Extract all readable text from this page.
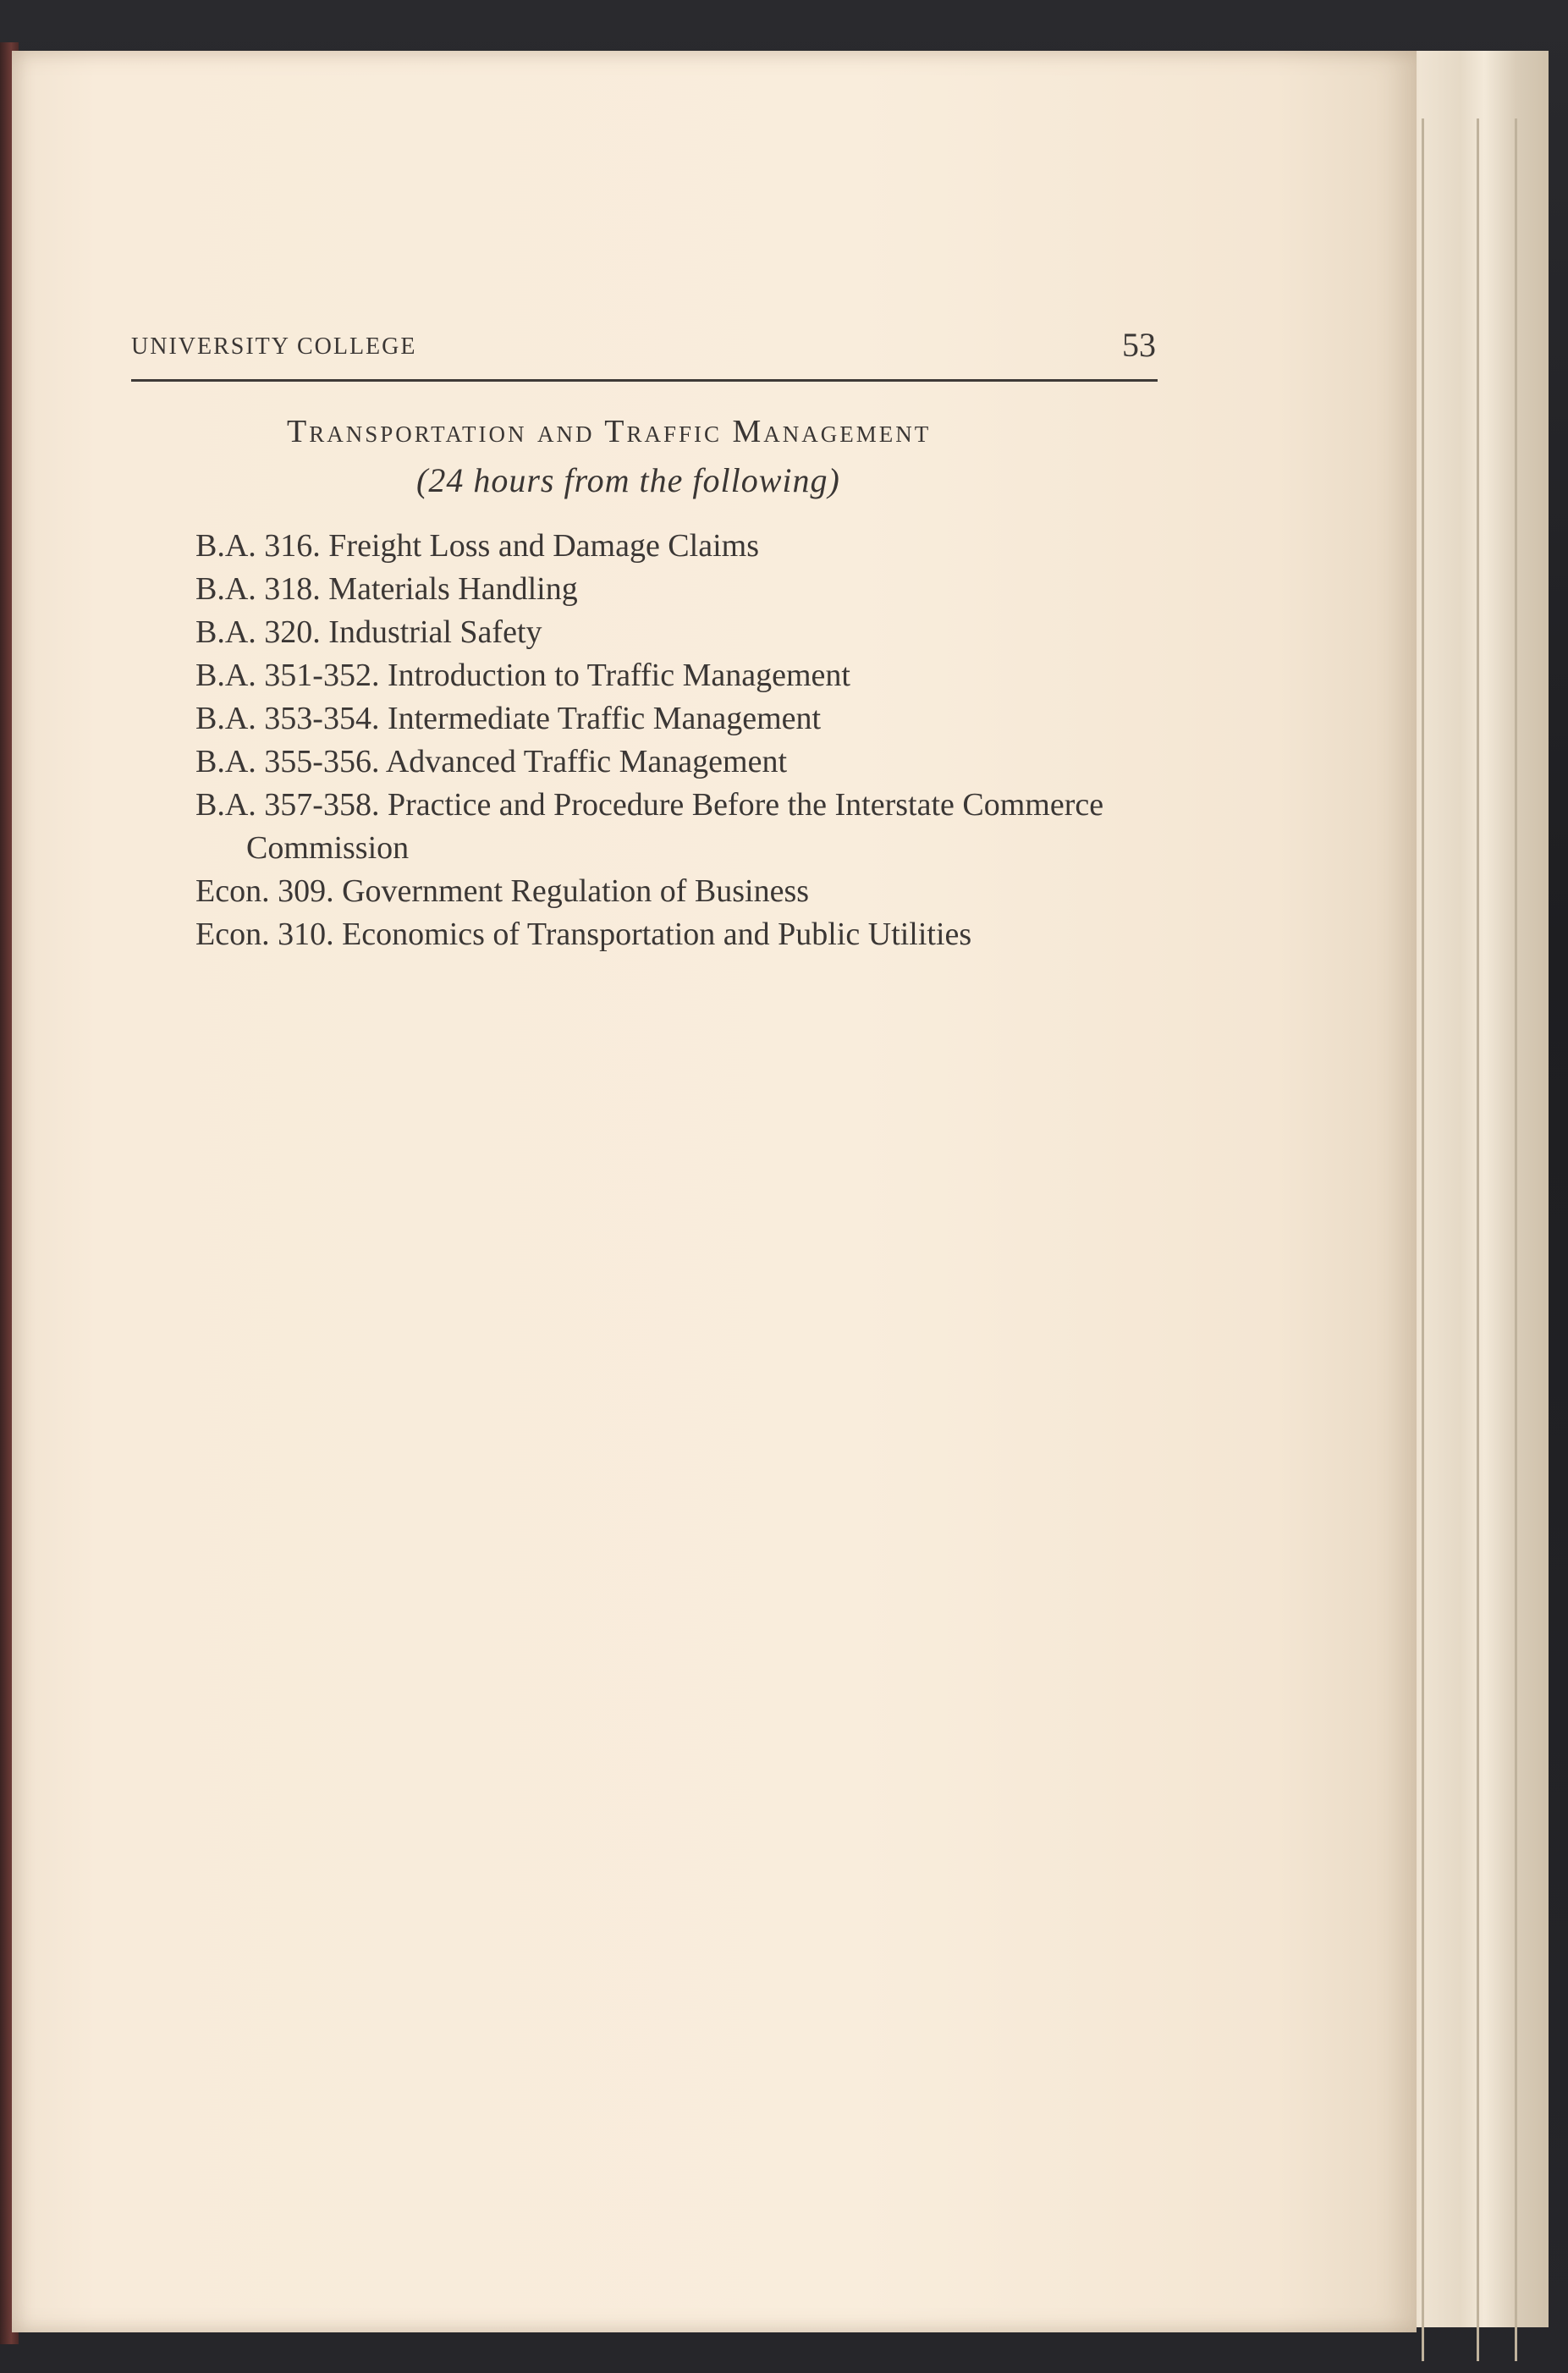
UNIVERSITY COLLEGE	53
Transportation and Traffic Management
(24 hours from the following)
B.A. 316. Freight Loss and Damage Claims
B.A. 318. Materials Handling
B.A. 320. Industrial Safety
B.A. 351-352. Introduction to Traffic Management
B.A. 353-354. Intermediate Traffic Management
B.A. 355-356. Advanced Traffic Management
B.A. 357-358. Practice and Procedure Before the Interstate Commerce Commission
Econ. 309. Government Regulation of Business
Econ. 310. Economics of Transportation and Public Utilities
